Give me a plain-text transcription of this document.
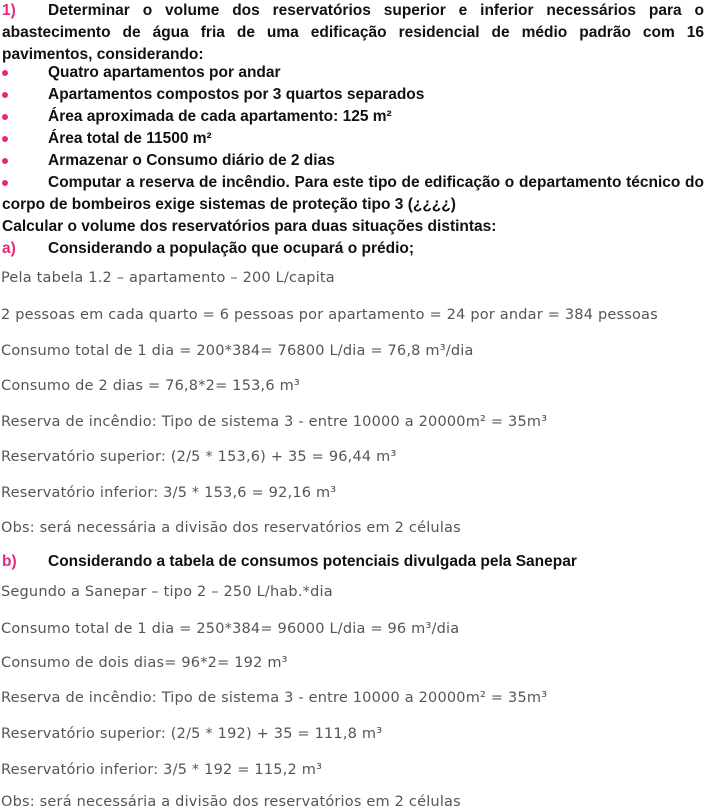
1) Determinar o volume dos reservatórios superior e inferior necessários para o abastecimento de água fria de uma edificação residencial de médio padrão com 16 pavimentos, considerando:

Quatro apartamentos por andar

Apartamentos compostos por 3 quartos separados

Área aproximada de cada apartamento: 125 m²

Área total de 11500 m²

Armazenar o Consumo diário de 2 dias

Computar a reserva de incêndio. Para este tipo de edificação o departamento técnico do corpo de bombeiros exige sistemas de proteção tipo 3 (¿¿¿¿)

Calcular o volume dos reservatórios para duas situações distintas:

a) Considerando a população que ocupará o prédio;

Pela tabela 1.2 – apartamento – 200 L/capita

2 pessoas em cada quarto = 6 pessoas por apartamento = 24 por andar = 384 pessoas

Consumo total de 1 dia = 200*384= 76800 L/dia = 76,8 m³/dia

Consumo de 2 dias = 76,8*2= 153,6 m³

Reserva de incêndio: Tipo de sistema 3 - entre 10000 a 20000m² = 35m³

Reservatório superior: (2/5 * 153,6) + 35 = 96,44 m³

Reservatório inferior: 3/5 * 153,6 = 92,16 m³

Obs: será necessária a divisão dos reservatórios em 2 células

b) Considerando a tabela de consumos potenciais divulgada pela Sanepar

Segundo a Sanepar – tipo 2 – 250 L/hab.*dia

Consumo total de 1 dia = 250*384= 96000 L/dia = 96 m³/dia

Consumo de dois dias= 96*2= 192 m³

Reserva de incêndio: Tipo de sistema 3 - entre 10000 a 20000m² = 35m³

Reservatório superior: (2/5 * 192) + 35 = 111,8 m³

Reservatório inferior: 3/5 * 192 = 115,2 m³

Obs: será necessária a divisão dos reservatórios em 2 células
